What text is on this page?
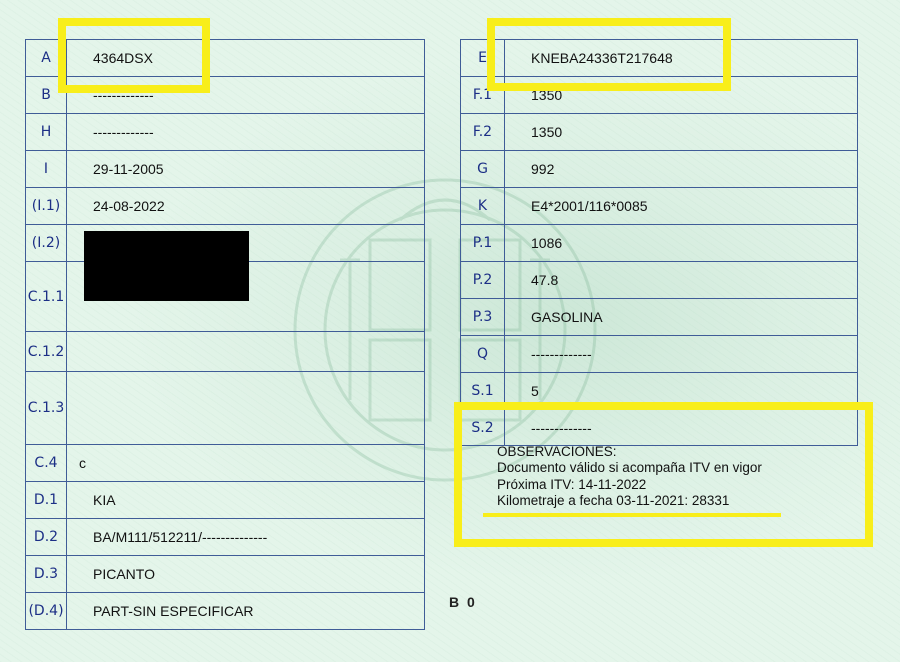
A	4364DSX
B	-------------
H	-------------
I	29-11-2005
(I.1)	24-08-2022
(I.2)	
C.1.1	
C.1.2	
C.1.3	
C.4	c
D.1	KIA
D.2	BA/M111/512211/--------------
D.3	PICANTO
(D.4)	PART-SIN ESPECIFICAR
E	KNEBA24336T217648
F.1	1350
F.2	1350
G	992
K	E4*2001/116*0085
P.1	1086
P.2	47.8
P.3	GASOLINA
Q	-------------
S.1	5
S.2	-------------
OBSERVACIONES:
Documento válido si acompaña ITV en vigor
Próxima ITV: 14-11-2022
Kilometraje a fecha 03-11-2021: 28331
B 0
